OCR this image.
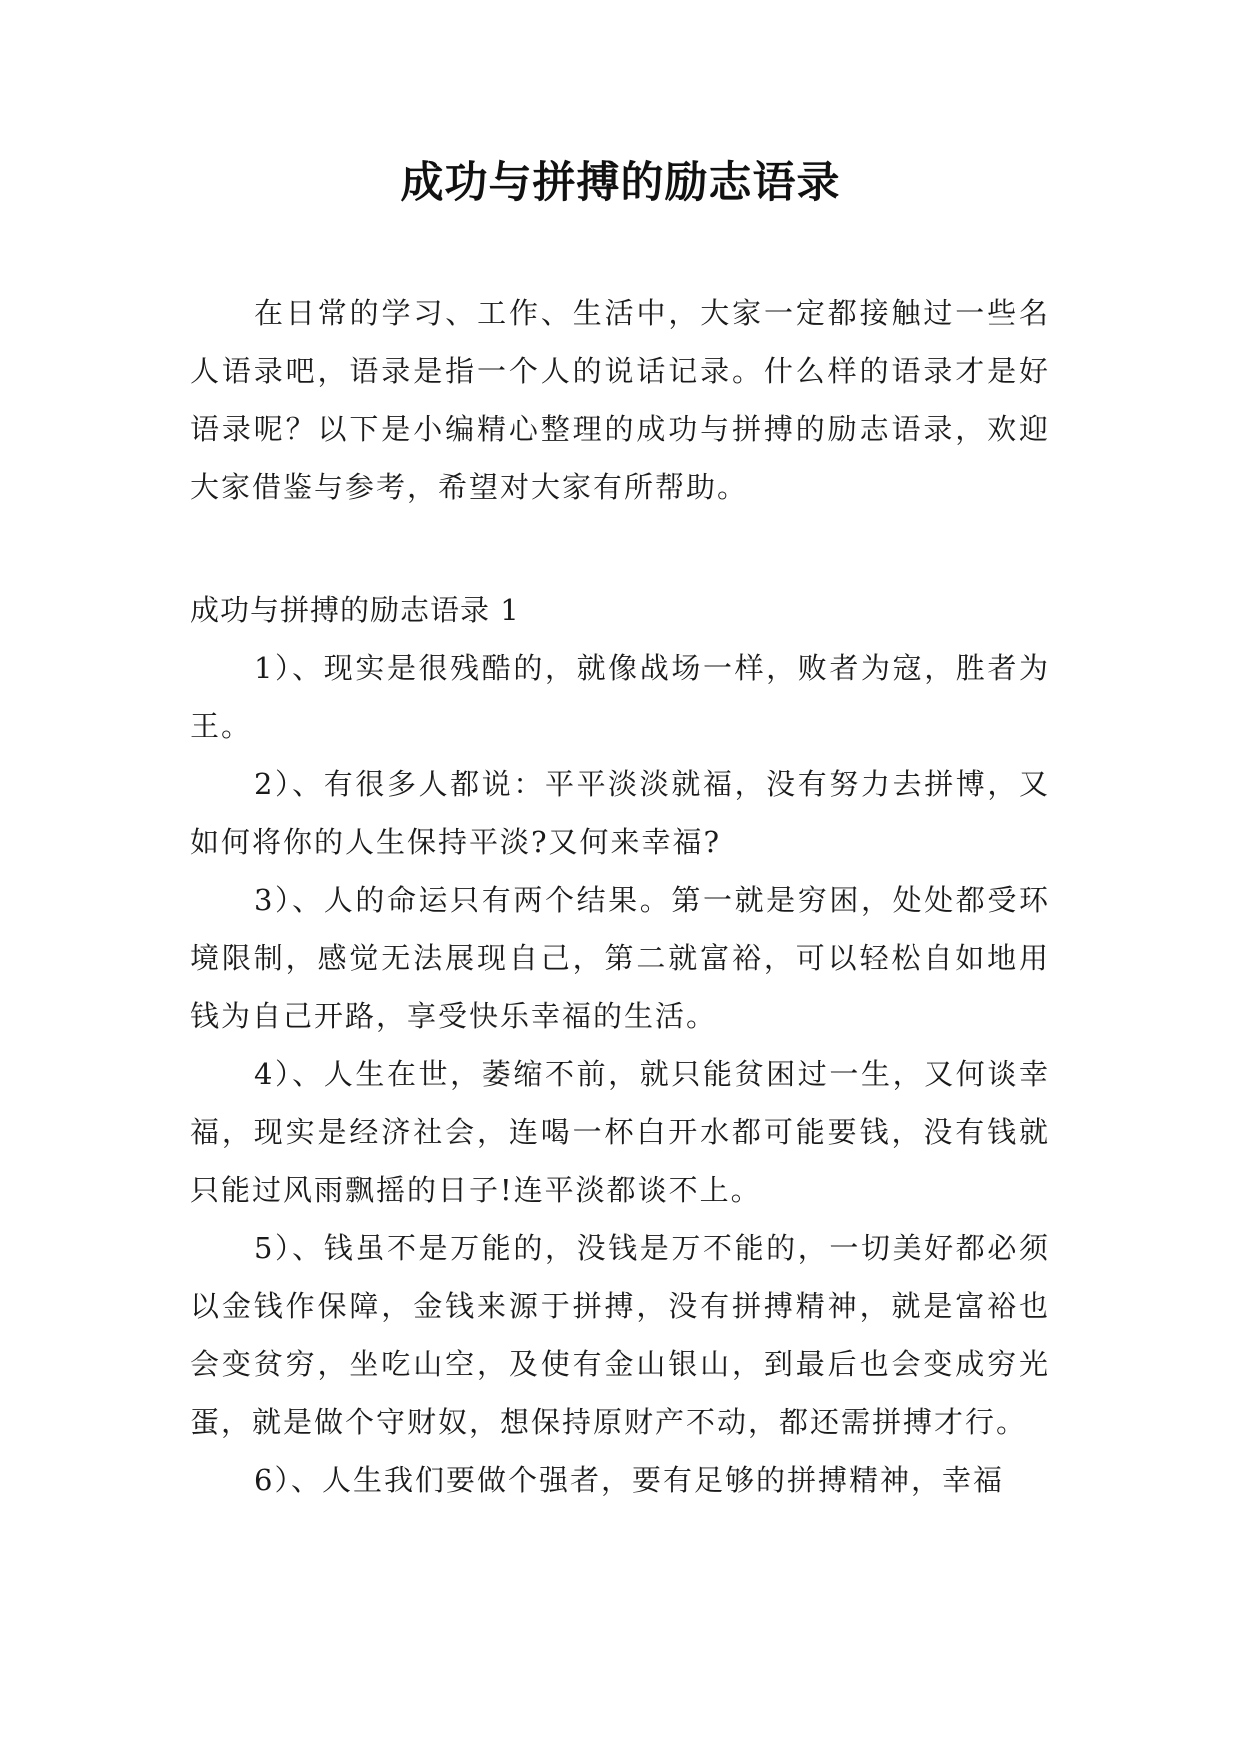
成功与拼搏的励志语录

在日常的学习、工作、生活中，大家一定都接触过一些名人语录吧，语录是指一个人的说话记录。什么样的语录才是好语录呢？以下是小编精心整理的成功与拼搏的励志语录，欢迎大家借鉴与参考，希望对大家有所帮助。

成功与拼搏的励志语录 1

1）、现实是很残酷的，就像战场一样，败者为寇，胜者为王。

2）、有很多人都说：平平淡淡就福，没有努力去拼博，又如何将你的人生保持平淡?又何来幸福?

3）、人的命运只有两个结果。第一就是穷困，处处都受环境限制，感觉无法展现自己，第二就富裕，可以轻松自如地用钱为自己开路，享受快乐幸福的生活。

4）、人生在世，萎缩不前，就只能贫困过一生，又何谈幸福，现实是经济社会，连喝一杯白开水都可能要钱，没有钱就只能过风雨飘摇的日子!连平淡都谈不上。

5）、钱虽不是万能的，没钱是万不能的，一切美好都必须以金钱作保障，金钱来源于拼搏，没有拼搏精神，就是富裕也会变贫穷，坐吃山空，及使有金山银山，到最后也会变成穷光蛋，就是做个守财奴，想保持原财产不动，都还需拼搏才行。

6）、人生我们要做个强者，要有足够的拼搏精神，幸福
